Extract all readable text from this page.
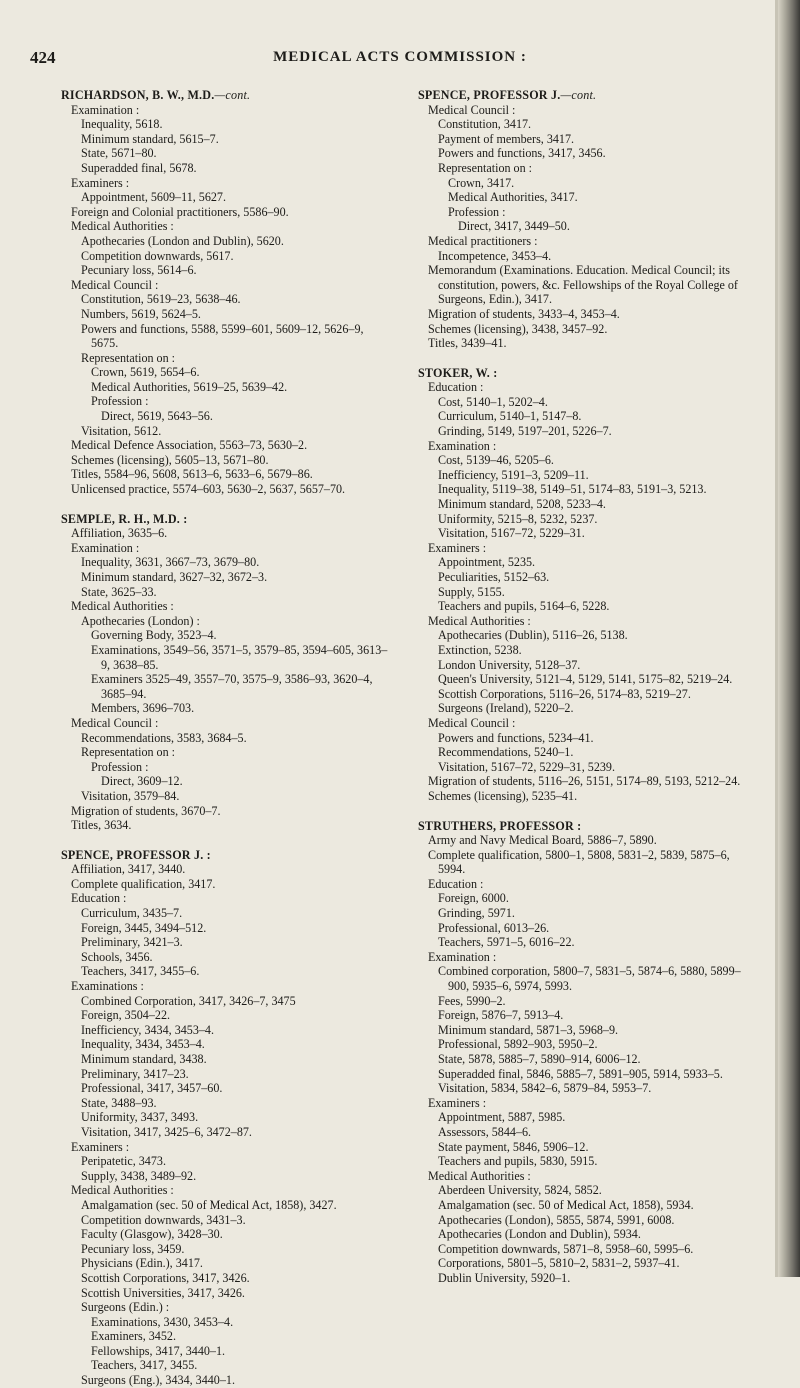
424	MEDICAL ACTS COMMISSION :
RICHARDSON, B. W., M.D.—cont.
Examination :
Inequality, 5618.
Minimum standard, 5615–7.
State, 5671–80.
Superadded final, 5678.
Examiners :
Appointment, 5609–11, 5627.
Foreign and Colonial practitioners, 5586–90.
Medical Authorities :
Apothecaries (London and Dublin), 5620.
Competition downwards, 5617.
Pecuniary loss, 5614–6.
Medical Council :
Constitution, 5619–23, 5638–46.
Numbers, 5619, 5624–5.
Powers and functions, 5588, 5599–601, 5609–12, 5626–9, 5675.
Representation on :
Crown, 5619, 5654–6.
Medical Authorities, 5619–25, 5639–42.
Profession :
Direct, 5619, 5643–56.
Visitation, 5612.
Medical Defence Association, 5563–73, 5630–2.
Schemes (licensing), 5605–13, 5671–80.
Titles, 5584–96, 5608, 5613–6, 5633–6, 5679–86.
Unlicensed practice, 5574–603, 5630–2, 5637, 5657–70.
SEMPLE, R. H., M.D. :
Affiliation, 3635–6.
Examination :
Inequality, 3631, 3667–73, 3679–80.
Minimum standard, 3627–32, 3672–3.
State, 3625–33.
Medical Authorities :
Apothecaries (London) :
Governing Body, 3523–4.
Examinations, 3549–56, 3571–5, 3579–85, 3594–605, 3613–9, 3638–85.
Examiners 3525–49, 3557–70, 3575–9, 3586–93, 3620–4, 3685–94.
Members, 3696–703.
Medical Council :
Recommendations, 3583, 3684–5.
Representation on :
Profession :
Direct, 3609–12.
Visitation, 3579–84.
Migration of students, 3670–7.
Titles, 3634.
SPENCE, PROFESSOR J. :
Affiliation, 3417, 3440.
Complete qualification, 3417.
Education :
Curriculum, 3435–7.
Foreign, 3445, 3494–512.
Preliminary, 3421–3.
Schools, 3456.
Teachers, 3417, 3455–6.
Examinations :
Combined Corporation, 3417, 3426–7, 3475
Foreign, 3504–22.
Inefficiency, 3434, 3453–4.
Inequality, 3434, 3453–4.
Minimum standard, 3438.
Preliminary, 3417–23.
Professional, 3417, 3457–60.
State, 3488–93.
Uniformity, 3437, 3493.
Visitation, 3417, 3425–6, 3472–87.
Examiners :
Peripatetic, 3473.
Supply, 3438, 3489–92.
Medical Authorities :
Amalgamation (sec. 50 of Medical Act, 1858), 3427.
Competition downwards, 3431–3.
Faculty (Glasgow), 3428–30.
Pecuniary loss, 3459.
Physicians (Edin.), 3417.
Scottish Corporations, 3417, 3426.
Scottish Universities, 3417, 3426.
Surgeons (Edin.) :
Examinations, 3430, 3453–4.
Examiners, 3452.
Fellowships, 3417, 3440–1.
Teachers, 3417, 3455.
Surgeons (Eng.), 3434, 3440–1.
SPENCE, PROFESSOR J.—cont.
Medical Council :
Constitution, 3417.
Payment of members, 3417.
Powers and functions, 3417, 3456.
Representation on :
Crown, 3417.
Medical Authorities, 3417.
Profession :
Direct, 3417, 3449–50.
Medical practitioners :
Incompetence, 3453–4.
Memorandum (Examinations. Education. Medical Council; its constitution, powers, &c. Fellowships of the Royal College of Surgeons, Edin.), 3417.
Migration of students, 3433–4, 3453–4.
Schemes (licensing), 3438, 3457–92.
Titles, 3439–41.
STOKER, W. :
Education :
Cost, 5140–1, 5202–4.
Curriculum, 5140–1, 5147–8.
Grinding, 5149, 5197–201, 5226–7.
Examination :
Cost, 5139–46, 5205–6.
Inefficiency, 5191–3, 5209–11.
Inequality, 5119–38, 5149–51, 5174–83, 5191–3, 5213.
Minimum standard, 5208, 5233–4.
Uniformity, 5215–8, 5232, 5237.
Visitation, 5167–72, 5229–31.
Examiners :
Appointment, 5235.
Peculiarities, 5152–63.
Supply, 5155.
Teachers and pupils, 5164–6, 5228.
Medical Authorities :
Apothecaries (Dublin), 5116–26, 5138.
Extinction, 5238.
London University, 5128–37.
Queen's University, 5121–4, 5129, 5141, 5175–82, 5219–24.
Scottish Corporations, 5116–26, 5174–83, 5219–27.
Surgeons (Ireland), 5220–2.
Medical Council :
Powers and functions, 5234–41.
Recommendations, 5240–1.
Visitation, 5167–72, 5229–31, 5239.
Migration of students, 5116–26, 5151, 5174–89, 5193, 5212–24.
Schemes (licensing), 5235–41.
STRUTHERS, PROFESSOR :
Army and Navy Medical Board, 5886–7, 5890.
Complete qualification, 5800–1, 5808, 5831–2, 5839, 5875–6, 5994.
Education :
Foreign, 6000.
Grinding, 5971.
Professional, 6013–26.
Teachers, 5971–5, 6016–22.
Examination :
Combined corporation, 5800–7, 5831–5, 5874–6, 5880, 5899–900, 5935–6, 5974, 5993.
Fees, 5990–2.
Foreign, 5876–7, 5913–4.
Minimum standard, 5871–3, 5968–9.
Professional, 5892–903, 5950–2.
State, 5878, 5885–7, 5890–914, 6006–12.
Superadded final, 5846, 5885–7, 5891–905, 5914, 5933–5.
Visitation, 5834, 5842–6, 5879–84, 5953–7.
Examiners :
Appointment, 5887, 5985.
Assessors, 5844–6.
State payment, 5846, 5906–12.
Teachers and pupils, 5830, 5915.
Medical Authorities :
Aberdeen University, 5824, 5852.
Amalgamation (sec. 50 of Medical Act, 1858), 5934.
Apothecaries (London), 5855, 5874, 5991, 6008.
Apothecaries (London and Dublin), 5934.
Competition downwards, 5871–8, 5958–60, 5995–6.
Corporations, 5801–5, 5810–2, 5831–2, 5937–41.
Dublin University, 5920–1.
